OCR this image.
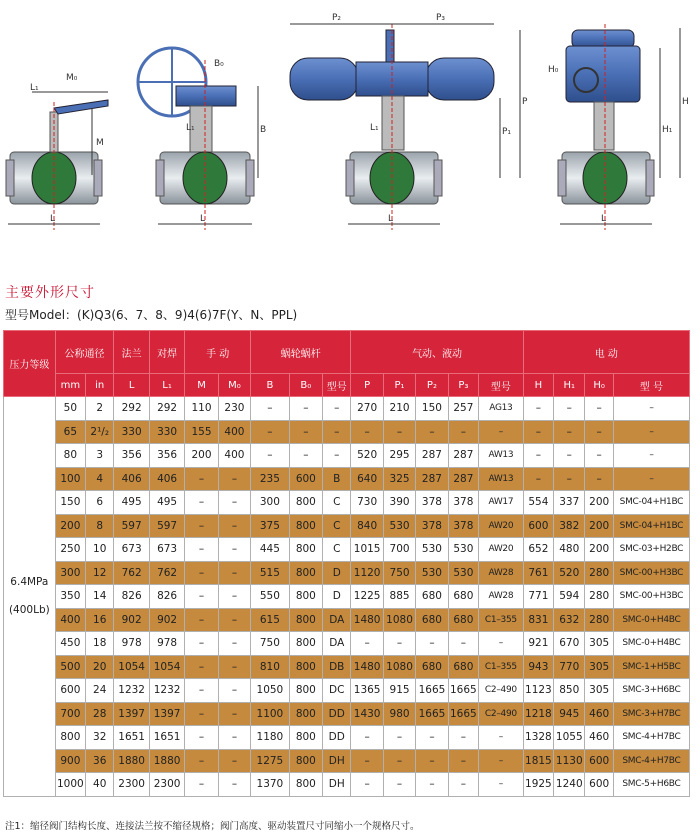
L
M₀
L₁
M
L
B₀
L₁	B
P₂	P₃
L₁
L
P₁
P
H₀
L
H₁
H
主要外形尺寸
型号Model：(K)Q3(6、7、8、9)4(6)7F(Y、N、PPL)
压力等级	公称通径		法兰	对焊	手 动		蜗轮蜗杆			气动、液动					电 动			
	mm	in	L	L₁	M	M₀	B	B₀	型号	P	P₁	P₂	P₃	型号	H	H₁	H₀	型 号

6.4MPa
(400Lb)	50	2	292	292	110	230	–	–	–	270	210	150	257	AG13	–	–	–	–
	65	2¹/₂	330	330	155	400	–	–	–	–	–	–	–	–	–	–	–	–
	80	3	356	356	200	400	–	–	–	520	295	287	287	AW13	–	–	–	–
	100	4	406	406	–	–	235	600	B	640	325	287	287	AW13	–	–	–	–
	150	6	495	495	–	–	300	800	C	730	390	378	378	AW17	554	337	200	SMC-04+H1BC
	200	8	597	597	–	–	375	800	C	840	530	378	378	AW20	600	382	200	SMC-04+H1BC
	250	10	673	673	–	–	445	800	C	1015	700	530	530	AW20	652	480	200	SMC-03+H2BC
	300	12	762	762	–	–	515	800	D	1120	750	530	530	AW28	761	520	280	SMC-00+H3BC
	350	14	826	826	–	–	550	800	D	1225	885	680	680	AW28	771	594	280	SMC-00+H3BC
	400	16	902	902	–	–	615	800	DA	1480	1080	680	680	C1–355	831	632	280	SMC-0+H4BC
	450	18	978	978	–	–	750	800	DA	–	–	–	–	–	921	670	305	SMC-0+H4BC
	500	20	1054	1054	–	–	810	800	DB	1480	1080	680	680	C1–355	943	770	305	SMC-1+H5BC
	600	24	1232	1232	–	–	1050	800	DC	1365	915	1665	1665	C2–490	1123	850	305	SMC-3+H6BC
	700	28	1397	1397	–	–	1100	800	DD	1430	980	1665	1665	C2–490	1218	945	460	SMC-3+H7BC
	800	32	1651	1651	–	–	1180	800	DD	–	–	–	–	–	1328	1055	460	SMC-4+H7BC
	900	36	1880	1880	–	–	1275	800	DH	–	–	–	–	–	1815	1130	600	SMC-4+H7BC
	1000	40	2300	2300	–	–	1370	800	DH	–	–	–	–	–	1925	1240	600	SMC-5+H6BC
注1：缩径阀门结构长度、连接法兰按不缩径规格；阀门高度、驱动装置尺寸同缩小一个规格尺寸。
